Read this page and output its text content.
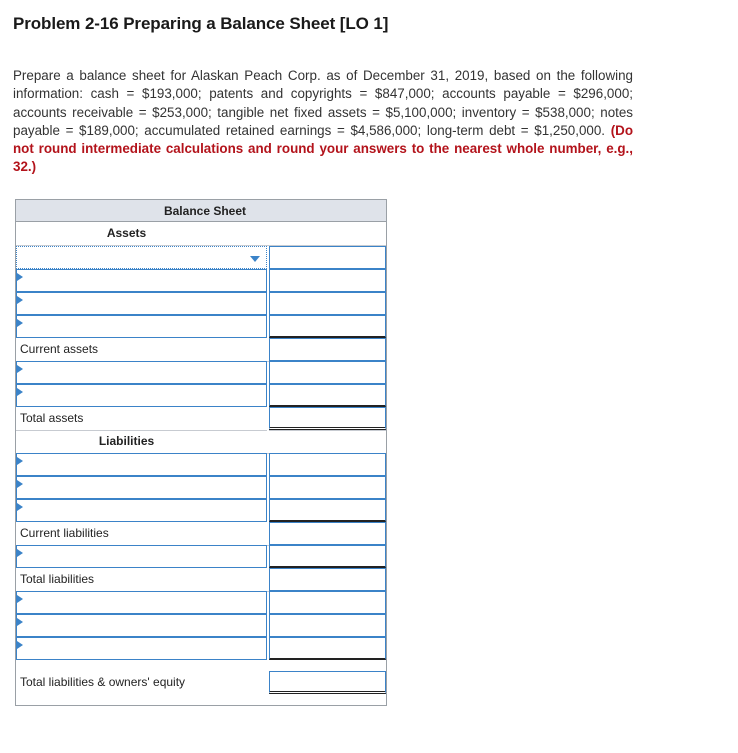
Problem 2-16 Preparing a Balance Sheet [LO 1]
Prepare a balance sheet for Alaskan Peach Corp. as of December 31, 2019, based on the following information: cash = $193,000; patents and copyrights = $847,000; accounts payable = $296,000; accounts receivable = $253,000; tangible net fixed assets = $5,100,000; inventory = $538,000; notes payable = $189,000; accumulated retained earnings = $4,586,000; long-term debt = $1,250,000. (Do not round intermediate calculations and round your answers to the nearest whole number, e.g., 32.)
Balance Sheet
Assets
Current assets
Total assets
Liabilities
Current liabilities
Total liabilities
Total liabilities & owners' equity
